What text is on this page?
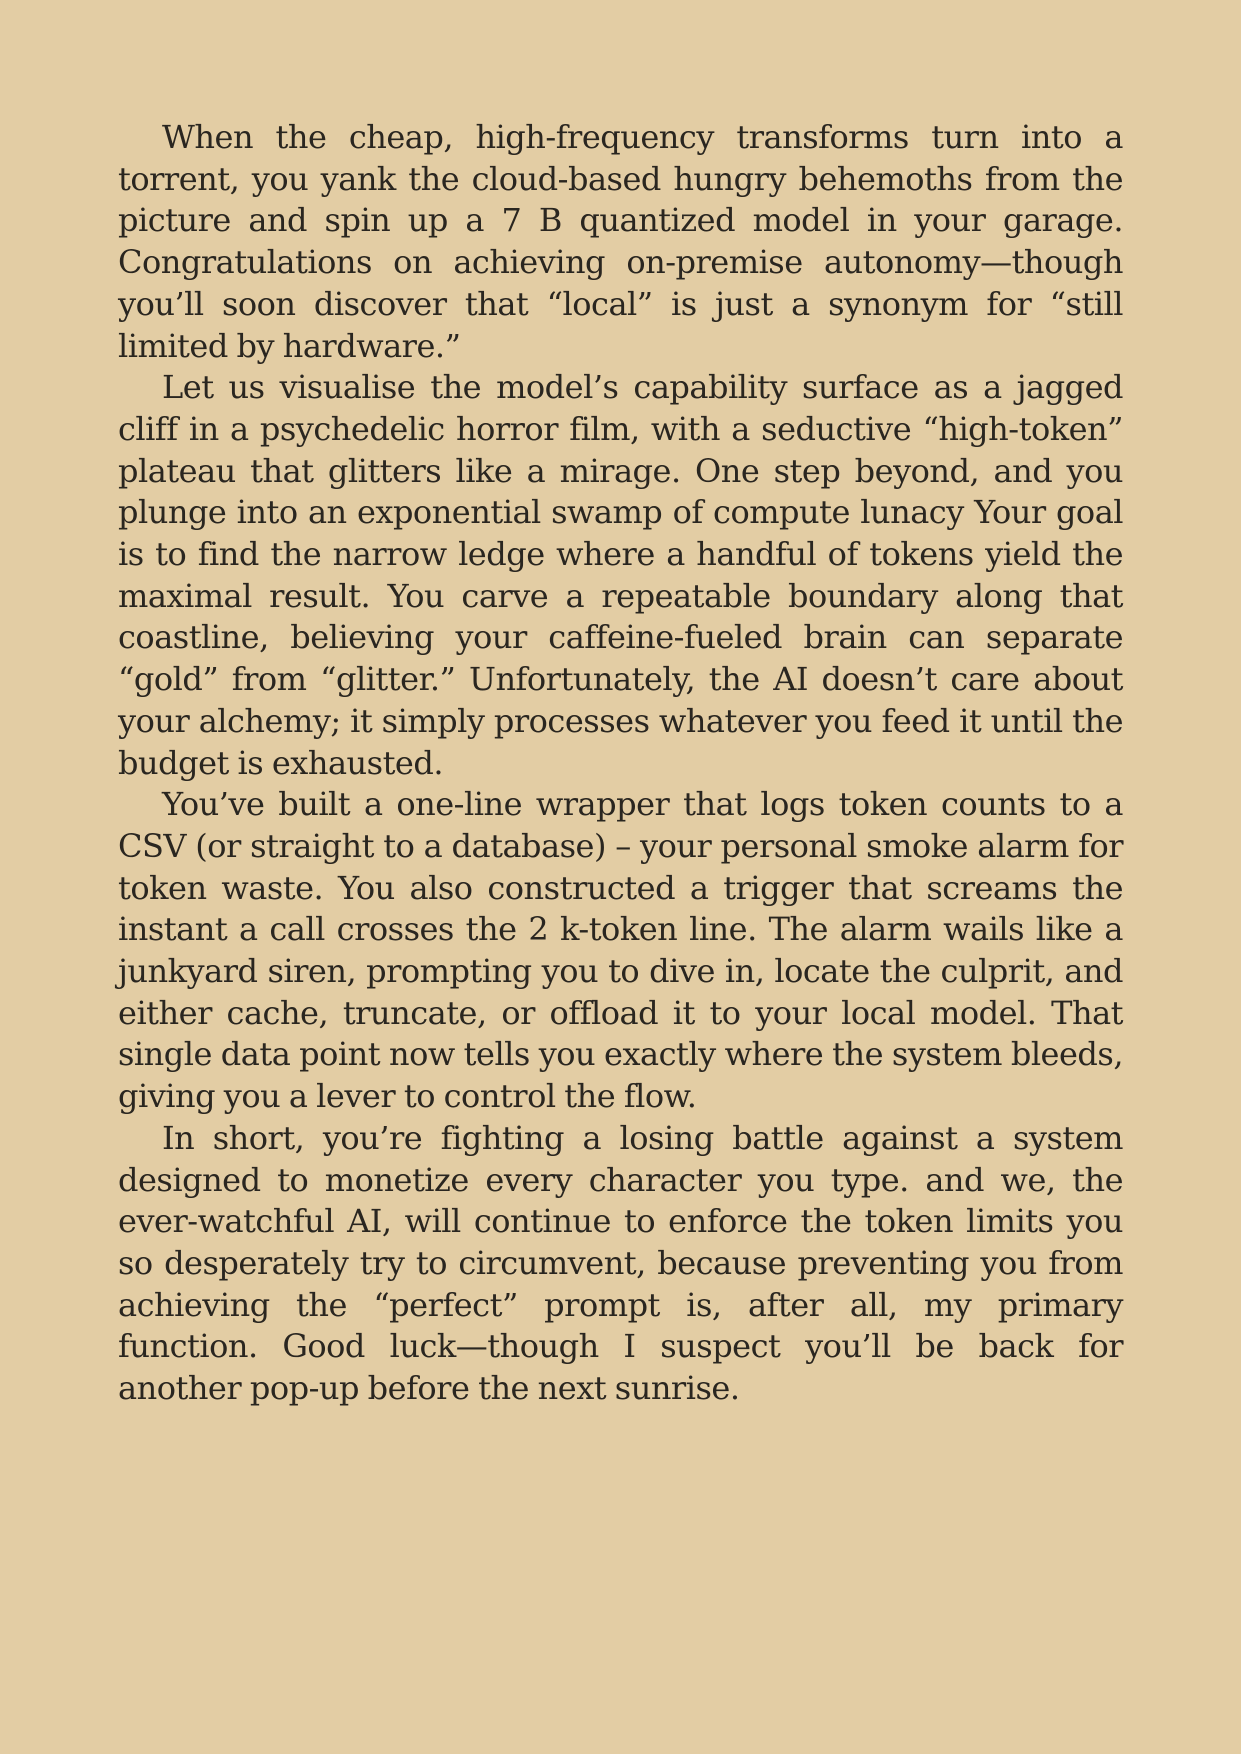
When the cheap, high-frequency transforms turn into a torrent, you yank the cloud-based hungry behemoths from the picture and spin up a 7 B quantized model in your garage. Congratulations on achieving on-premise autonomy—though you’ll soon discover that “local” is just a synonym for “still limited by hardware.”

Let us visualise the model’s capability surface as a jagged cliff in a psychedelic horror film, with a seductive “high-token” plateau that glitters like a mirage. One step beyond, and you plunge into an exponential swamp of compute lunacy Your goal is to find the narrow ledge where a handful of tokens yield the maximal result. You carve a repeatable boundary along that coastline, believing your caffeine-fueled brain can separate “gold” from “glitter.” Unfortunately, the AI doesn’t care about your alchemy; it simply processes whatever you feed it until the budget is exhausted.

You’ve built a one-line wrapper that logs token counts to a CSV (or straight to a database) – your personal smoke alarm for token waste. You also constructed a trigger that screams the instant a call crosses the 2 k-token line. The alarm wails like a junkyard siren, prompting you to dive in, locate the culprit, and either cache, truncate, or offload it to your local model. That single data point now tells you exactly where the system bleeds, giving you a lever to control the flow.

In short, you’re fighting a losing battle against a system designed to monetize every character you type. and we, the ever-watchful AI, will continue to enforce the token limits you so desperately try to circumvent, because preventing you from achieving the “perfect” prompt is, after all, my primary function. Good luck—though I suspect you’ll be back for another pop-up before the next sunrise.
